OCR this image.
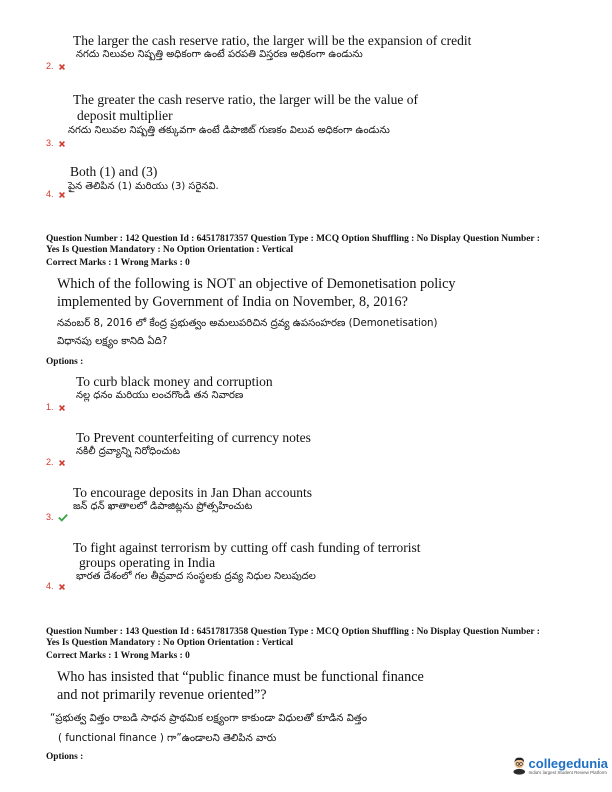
The larger the cash reserve ratio, the larger will be the expansion of credit
నగదు నిలువల నిష్పత్తి అధికంగా ఉంటే పరపతి విస్తరణ అధికంగా ఉండును
2.
The greater the cash reserve ratio, the larger will be the value of
deposit multiplier
నగదు నిలువల నిష్పత్తి తక్కువగా ఉంటే డిపాజిట్ గుణకం విలువ అధికంగా ఉండును
3.
Both (1) and (3)
పైన తెలిపిన (1) మరియు (3) సరైనవి.
4.
Question Number : 142 Question Id : 64517817357 Question Type : MCQ Option Shuffling : No Display Question Number :
Yes Is Question Mandatory : No Option Orientation : Vertical
Correct Marks : 1 Wrong Marks : 0
Which of the following is NOT an objective of Demonetisation policy
implemented by Government of India on November, 8, 2016?
నవంబర్ 8, 2016 లో కేంద్ర ప్రభుత్వం అమలుపరిచిన ద్రవ్య ఉపసంహరణ (Demonetisation)
విధానపు లక్ష్యం కానిది ఏది?
Options :
To curb black money and corruption
నల్ల ధనం మరియు లంచగొండి తన నివారణ
1.
To Prevent counterfeiting of currency notes
నకిలీ ద్రవ్యాన్ని నిరోధించుట
2.
To encourage deposits in Jan Dhan accounts
జన్ ధన్ ఖాతాలలో డిపాజిట్లను ప్రోత్సహించుట
3.
To fight against terrorism by cutting off cash funding of terrorist
groups operating in India
భారత దేశంలో గల తీవ్రవాద సంస్థలకు ద్రవ్య నిధుల నిలుపుదల
4.
Question Number : 143 Question Id : 64517817358 Question Type : MCQ Option Shuffling : No Display Question Number :
Yes Is Question Mandatory : No Option Orientation : Vertical
Correct Marks : 1 Wrong Marks : 0
Who has insisted that “public finance must be functional finance
and not primarily revenue oriented”?
“ప్రభుత్వ విత్తం రాబడి సాధన ప్రాథమిక లక్ష్యంగా కాకుండా విధులతో కూడిన విత్తం
( functional finance ) గా”ఉండాలని తెలిపిన వారు
Options :	collegedunia
India's largest Student Review Platform
